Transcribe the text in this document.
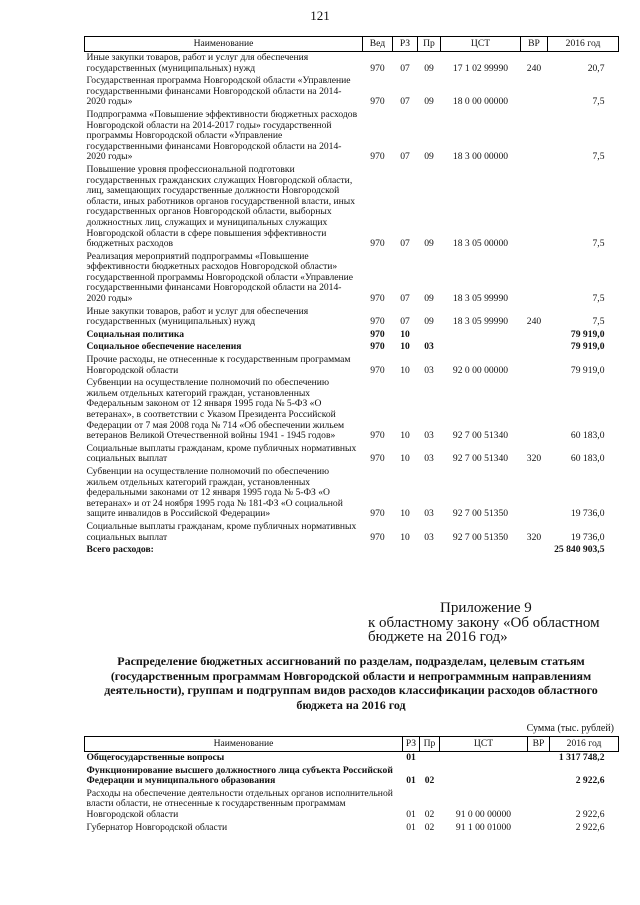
121
Наименование	Вед	РЗ	Пр	ЦСТ	ВР	2016 год
Иные закупки товаров, работ и услуг для обеспечения государственных (муниципальных) нужд	970	07	09	17 1 02 99990	240	20,7
Государственная программа Новгородской области «Управление государственными финансами Новгородской области на 2014-2020 годы»	970	07	09	18 0 00 00000		7,5
Подпрограмма «Повышение эффективности бюджетных расходов Новгородской области на 2014-2017 годы» государственной программы Новгородской области «Управление государственными финансами Новгородской области на 2014-2020 годы»	970	07	09	18 3 00 00000		7,5
Повышение уровня профессиональной подготовки государственных гражданских служащих Новгородской области, лиц, замещающих государственные должности Новгородской области, иных работников органов государственной власти, иных государственных органов Новгородской области, выборных должностных лиц, служащих и муниципальных служащих Новгородской области в сфере повышения эффективности бюджетных расходов	970	07	09	18 3 05 00000		7,5
Реализация мероприятий подпрограммы «Повышение эффективности бюджетных расходов Новгородской области» государственной программы Новгородской области «Управление государственными финансами Новгородской области на 2014-2020 годы»	970	07	09	18 3 05 99990		7,5
Иные закупки товаров, работ и услуг для обеспечения государственных (муниципальных) нужд	970	07	09	18 3 05 99990	240	7,5
Социальная политика	970	10				79 919,0
Социальное обеспечение населения	970	10	03			79 919,0
Прочие расходы, не отнесенные к государственным программам Новгородской области	970	10	03	92 0 00 00000		79 919,0
Субвенции на осуществление полномочий по обеспечению жильем отдельных категорий граждан, установленных Федеральным законом от 12 января 1995 года № 5-ФЗ «О ветеранах», в соответствии с Указом Президента Российской Федерации от 7 мая 2008 года № 714 «Об обеспечении жильем ветеранов Великой Отечественной войны 1941 - 1945 годов»	970	10	03	92 7 00 51340		60 183,0
Социальные выплаты гражданам, кроме публичных нормативных социальных выплат	970	10	03	92 7 00 51340	320	60 183,0
Субвенции на осуществление полномочий по обеспечению жильем отдельных категорий граждан, установленных федеральными законами от 12 января 1995 года № 5-ФЗ «О ветеранах» и от 24 ноября 1995 года № 181-ФЗ «О социальной защите инвалидов в Российской Федерации»	970	10	03	92 7 00 51350		19 736,0
Социальные выплаты гражданам, кроме публичных нормативных социальных выплат	970	10	03	92 7 00 51350	320	19 736,0
Всего расходов:						25 840 903,5
Приложение 9
к областному закону «Об областном бюджете на 2016 год»
Распределение бюджетных ассигнований по разделам, подразделам, целевым статьям (государственным программам Новгородской области и непрограммным направлениям деятельности), группам и подгруппам видов расходов классификации расходов областного бюджета на 2016 год
Сумма (тыс. рублей)
Наименование	РЗ	Пр	ЦСТ	ВР	2016 год
Общегосударственные вопросы	01				1 317 748,2
Функционирование высшего должностного лица субъекта Российской Федерации и муниципального образования	01	02			2 922,6
Расходы на обеспечение деятельности отдельных органов исполнительной власти области, не отнесенные к государственным программам Новгородской области	01	02	91 0 00 00000		2 922,6
Губернатор Новгородской области	01	02	91 1 00 01000		2 922,6
